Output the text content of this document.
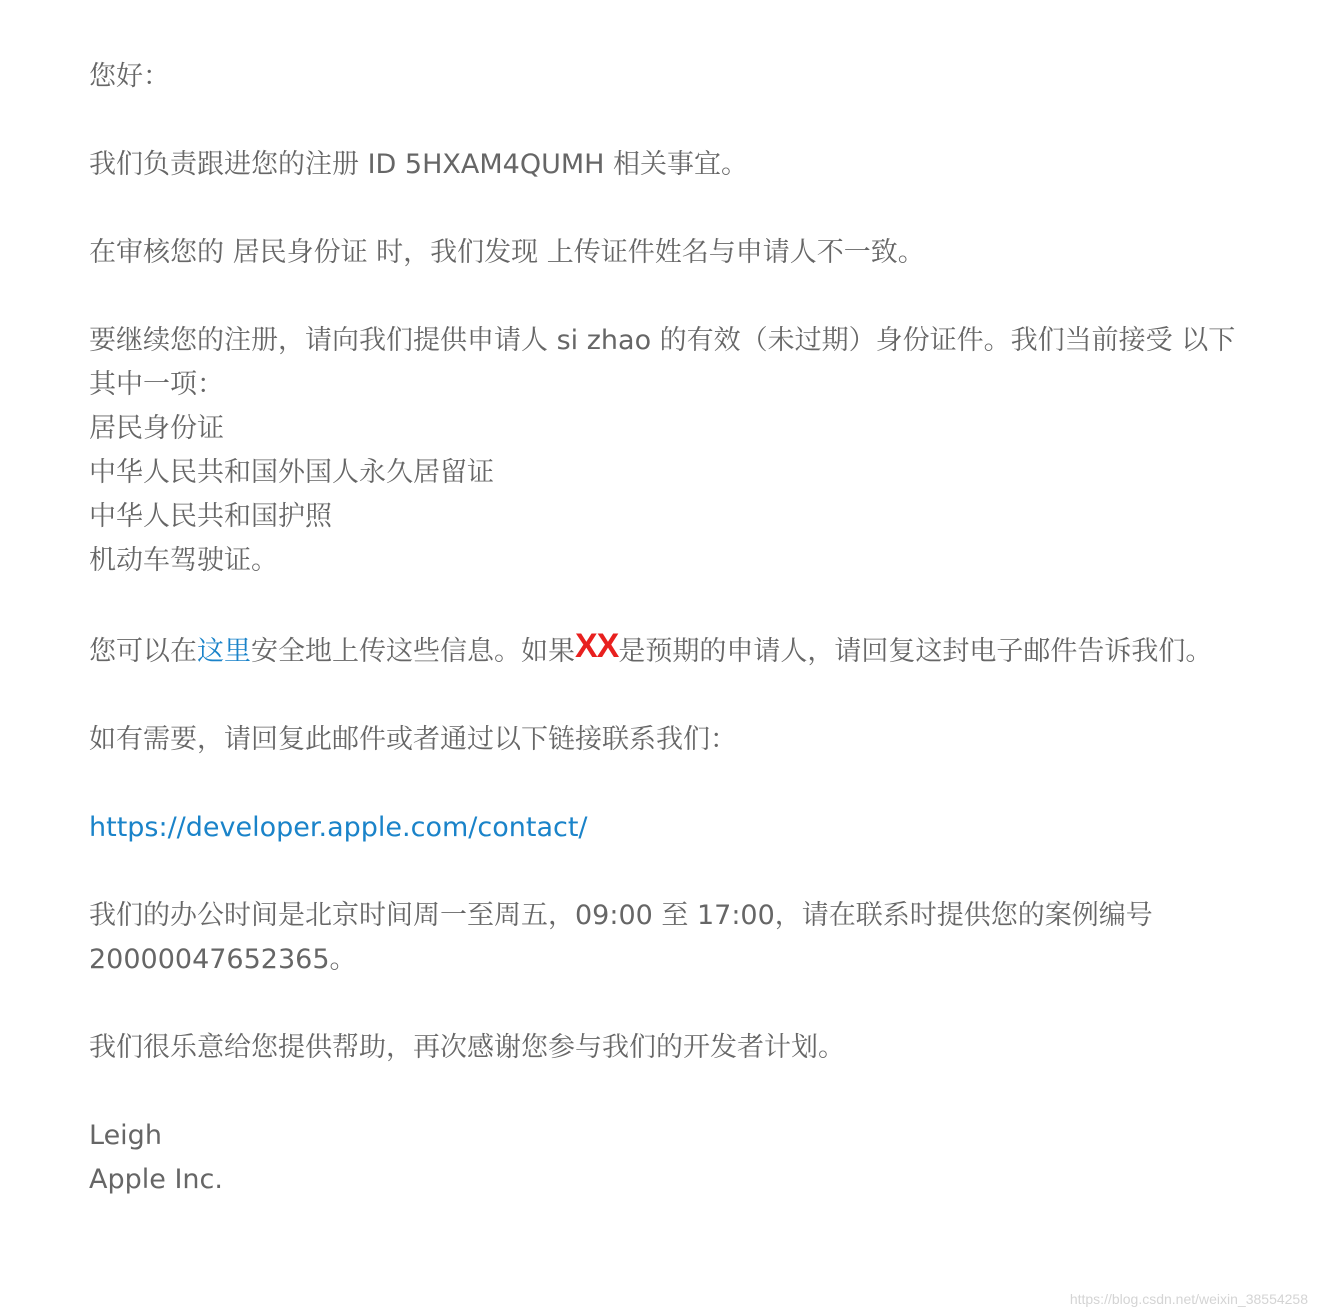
您好：

我们负责跟进您的注册 ID 5HXAM4QUMH 相关事宜。

在审核您的 居民身份证 时，我们发现 上传证件姓名与申请人不一致。

要继续您的注册，请向我们提供申请人 si zhao 的有效（未过期）身份证件。我们当前接受 以下
其中一项：
居民身份证
中华人民共和国外国人永久居留证
中华人民共和国护照
机动车驾驶证。

您可以在这里安全地上传这些信息。如果XX是预期的申请人，请回复这封电子邮件告诉我们。

如有需要，请回复此邮件或者通过以下链接联系我们：

https://developer.apple.com/contact/

我们的办公时间是北京时间周一至周五，09:00 至 17:00，请在联系时提供您的案例编号
20000047652365。

我们很乐意给您提供帮助，再次感谢您参与我们的开发者计划。

Leigh
Apple Inc.
https://blog.csdn.net/weixin_38554258
